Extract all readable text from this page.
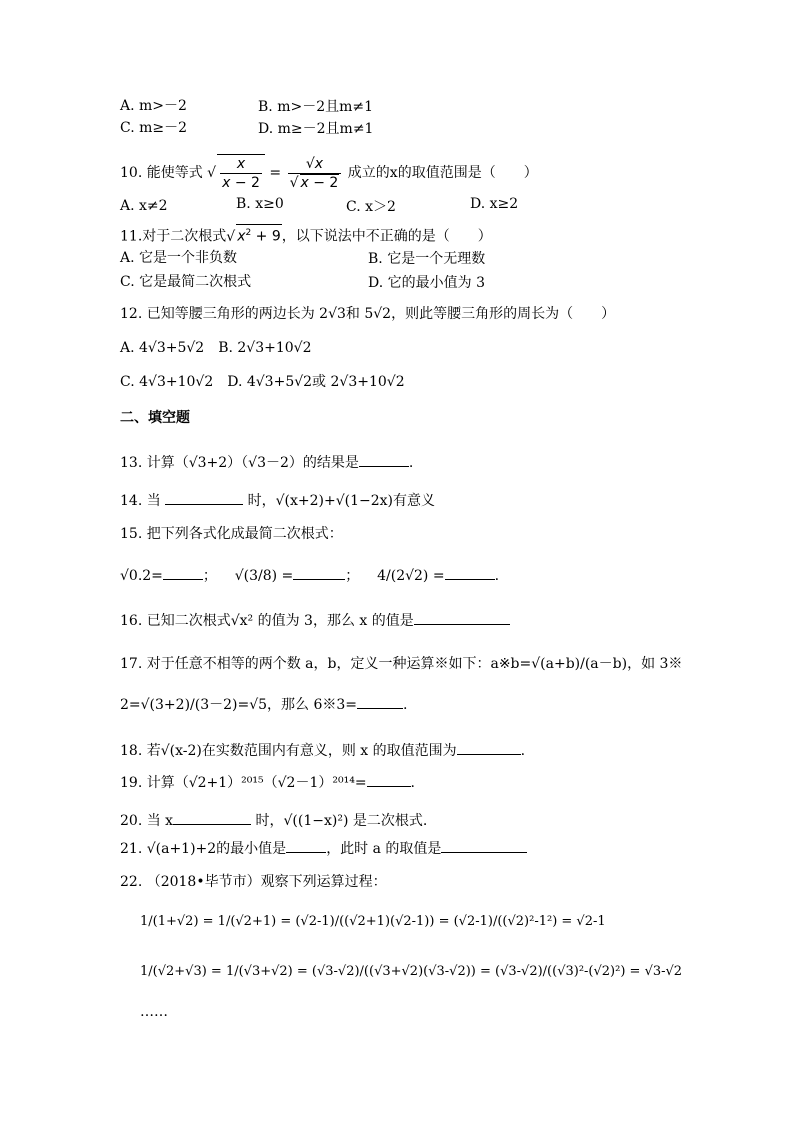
A. m>－2	B. m>－2且m≠1
C. m≥－2	D. m≥－2且m≠1
10. 能使等式 √ $\frac{x}{x - 2} = \frac{√x}{√ x - 2}$ 成立的x的取值范围是（　　）
A. x≠2	B. x≥0	C. x＞2	D. x≥2
11.对于二次根式√ $x^2 + 9$，以下说法中不正确的是（　　）
A. 它是一个非负数	B. 它是一个无理数
C. 它是最简二次根式	D. 它的最小值为 3
12. 已知等腰三角形的两边长为 2√3和 5√2，则此等腰三角形的周长为（　　）
A. 4√3+5√2　B. 2√3+10√2
C. 4√3+10√2　D. 4√3+5√2或 2√3+10√2
二、填空题
13. 计算（√3+2）（√3－2）的结果是	.
14. 当	时，√(x+2)+√(1−2x)有意义
15. 把下列各式化成最简二次根式：
√0.2=	；    √(3/8) =	；    4/(2√2) =	.
16. 已知二次根式√x² 的值为 3，那么 x 的值是
17. 对于任意不相等的两个数 a，b，定义一种运算※如下：a※b=√(a+b)/(a－b)，如 3※
2=√(3+2)/(3－2)=√5，那么 6※3=	.
18. 若√(x-2)在实数范围内有意义，则 x 的取值范围为	.
19. 计算（√2+1）²⁰¹⁵（√2－1）²⁰¹⁴=	.
20. 当 x	时，√((1−x)²) 是二次根式.
21. √(a+1)+2的最小值是	，此时 a 的取值是
22. （2018•毕节市）观察下列运算过程：
1/(1+√2) = 1/(√2+1) = (√2-1)/((√2+1)(√2-1)) = (√2-1)/((√2)²-1²) = √2-1
1/(√2+√3) = 1/(√3+√2) = (√3-√2)/((√3+√2)(√3-√2)) = (√3-√2)/((√3)²-(√2)²) = √3-√2
……
